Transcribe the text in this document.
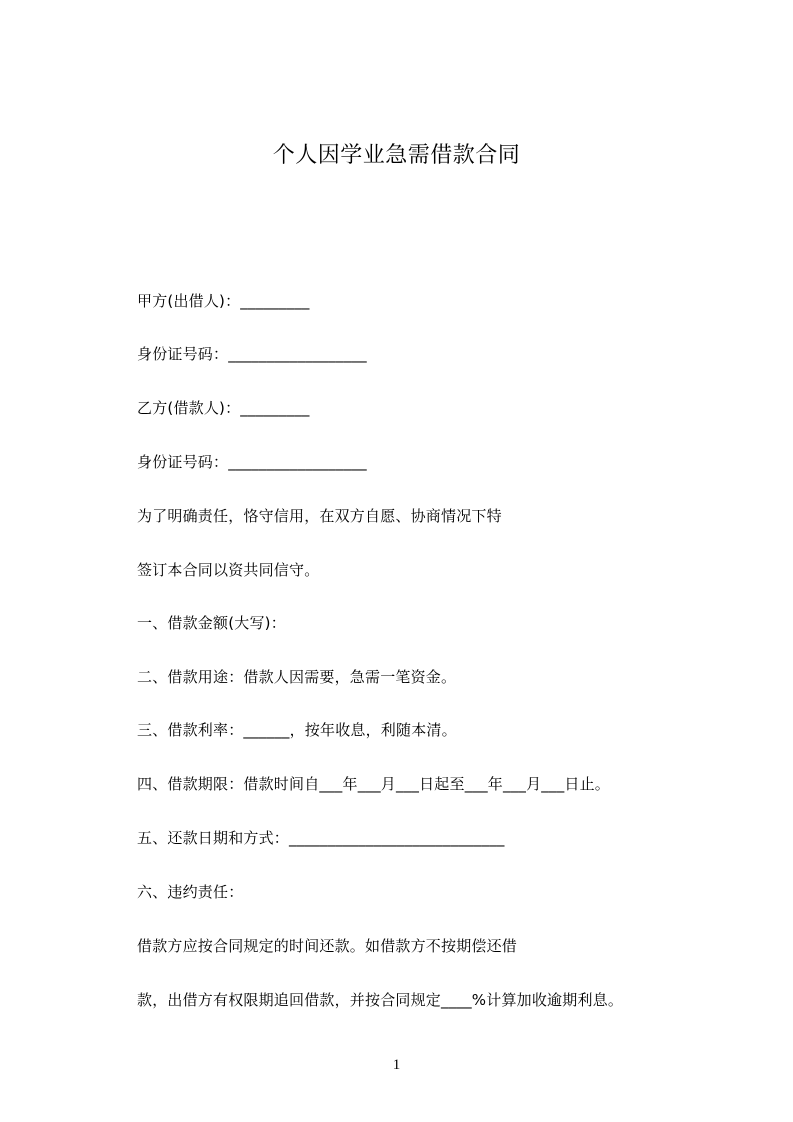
个人因学业急需借款合同
甲方(出借人)：_________
身份证号码：__________________
乙方(借款人)：_________
身份证号码：__________________
为了明确责任，恪守信用，在双方自愿、协商情况下特
签订本合同以资共同信守。
一、借款金额(大写)：
二、借款用途：借款人因需要，急需一笔资金。
三、借款利率：______，按年收息，利随本清。
四、借款期限：借款时间自___年___月___日起至___年___月___日止。
五、还款日期和方式：____________________________
六、违约责任：
借款方应按合同规定的时间还款。如借款方不按期偿还借
款，出借方有权限期追回借款，并按合同规定____%计算加收逾期利息。
1
